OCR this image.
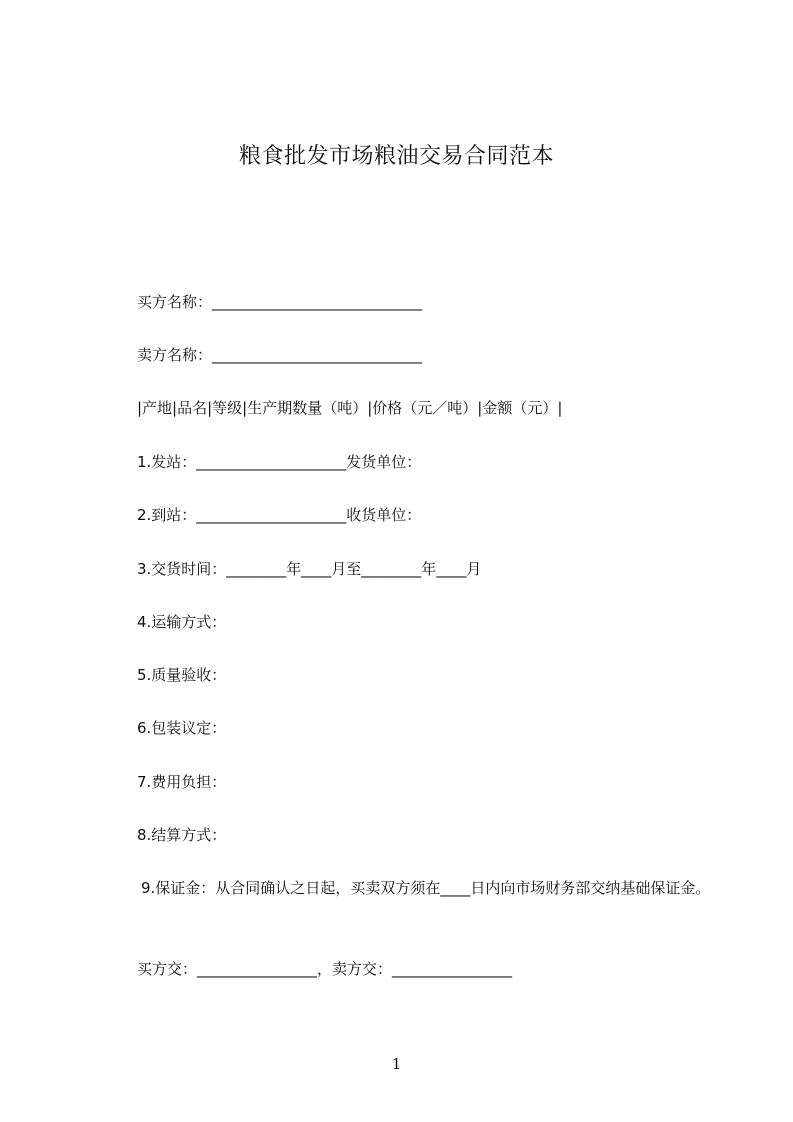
粮食批发市场粮油交易合同范本
买方名称：____________________________
卖方名称：____________________________
|产地|品名|等级|生产期数量（吨）|价格（元／吨）|金额（元）|
1.发站：____________________发货单位：
2.到站：____________________收货单位：
3.交货时间：________年____月至________年____月
4.运输方式：
5.质量验收：
6.包装议定：
7.费用负担：
8.结算方式：
9.保证金：从合同确认之日起，买卖双方须在____日内向市场财务部交纳基础保证金。
买方交：________________，卖方交：________________
1
